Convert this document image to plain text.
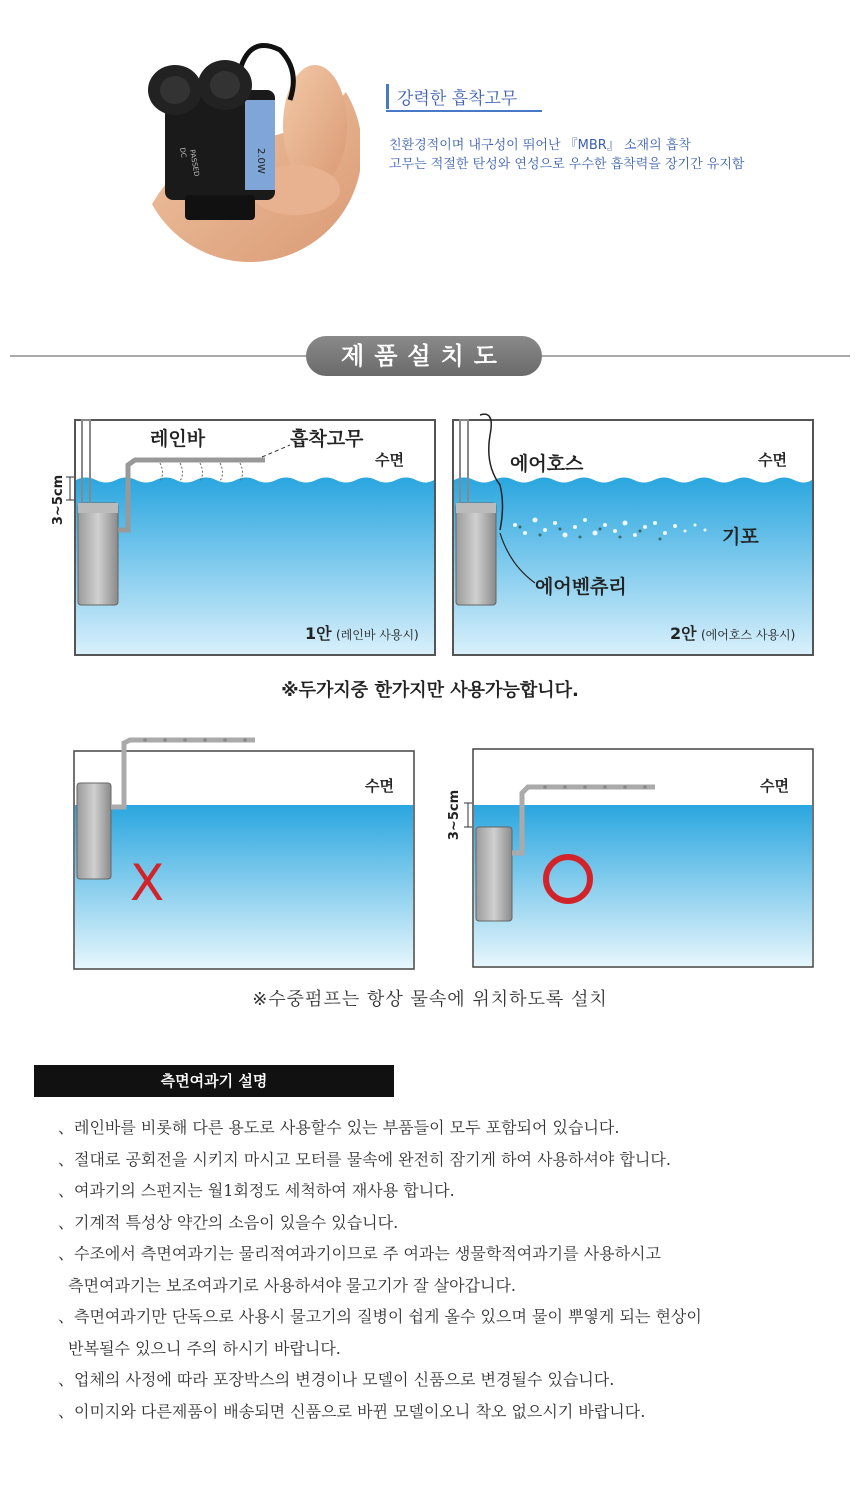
2.0W
PASSED
DC
강력한 흡착고무
친환경적이며 내구성이 뛰어난 『MBR』 소재의 흡착
고무는 적절한 탄성와 연성으로 우수한 흡착력을 장기간 유지함
제품설치도
레인바	흡착고무
수면
3~5cm
1안 (레인바 사용시)
에어호스	수면
기포
에어벤츄리
2안 (에어호스 사용시)
※두가지중 한가지만 사용가능합니다.
수면
X
수면
3~5cm
※수중펌프는 항상 물속에 위치하도록 설치
측면여과기 설명
、레인바를 비롯해 다른 용도로 사용할수 있는 부품들이 모두 포함되어 있습니다.
、절대로 공회전을 시키지 마시고 모터를 물속에 완전히 잠기게 하여 사용하셔야 합니다.
、여과기의 스펀지는 월1회정도 세척하여 재사용 합니다.
、기계적 특성상 약간의 소음이 있을수 있습니다.
、수조에서 측면여과기는 물리적여과기이므로 주 여과는 생물학적여과기를 사용하시고
측면여과기는 보조여과기로 사용하셔야 물고기가 잘 살아갑니다.
、측면여과기만 단독으로 사용시 물고기의 질병이 쉽게 올수 있으며 물이 뿌옇게 되는 현상이
반복될수 있으니 주의 하시기 바랍니다.
、업체의 사정에 따라 포장박스의 변경이나 모델이 신품으로 변경될수 있습니다.
、이미지와 다른제품이 배송되면 신품으로 바뀐 모델이오니 착오 없으시기 바랍니다.
